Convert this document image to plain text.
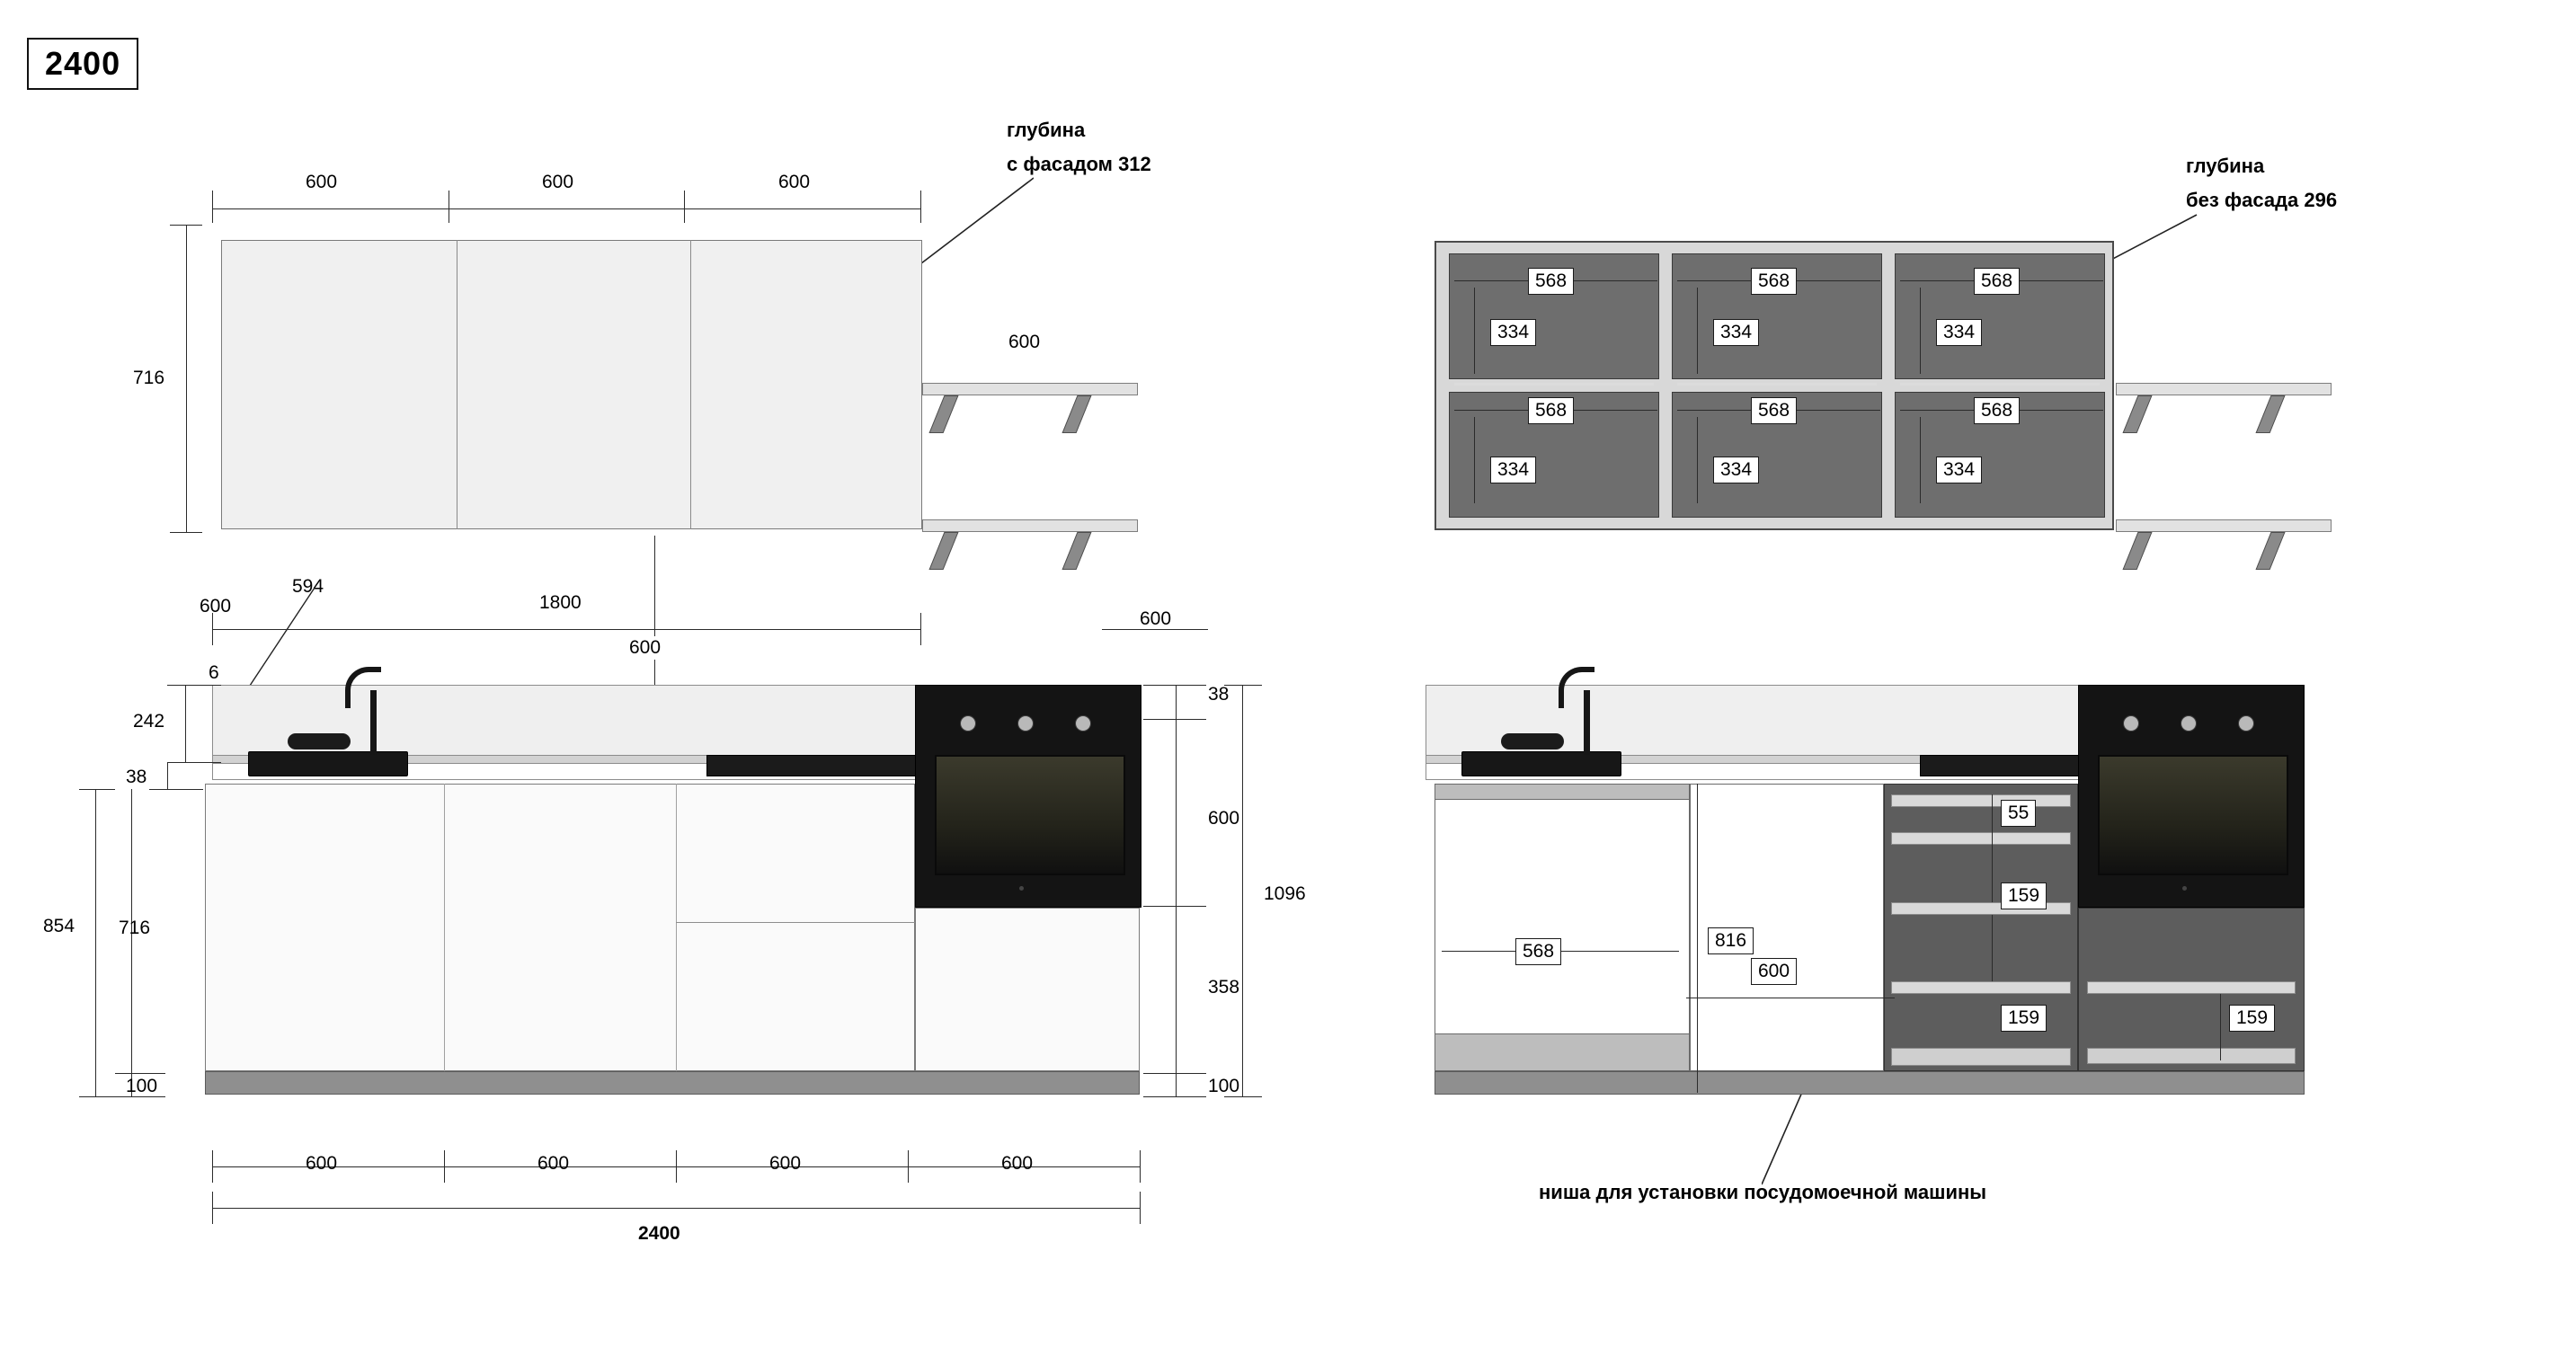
2400
глубина
с фасадом 312	глубина
без фасада 296
ниша для установки посудомоечной машины
600	600	600
716
600
568	568	568
334	334	334
568	568	568
334	334	334
600
594
6
1800
600
600
242
38
716
100
854
38
600
358
100
1096
600	600	600	600
2400
568
816
600
55
159
159	159
